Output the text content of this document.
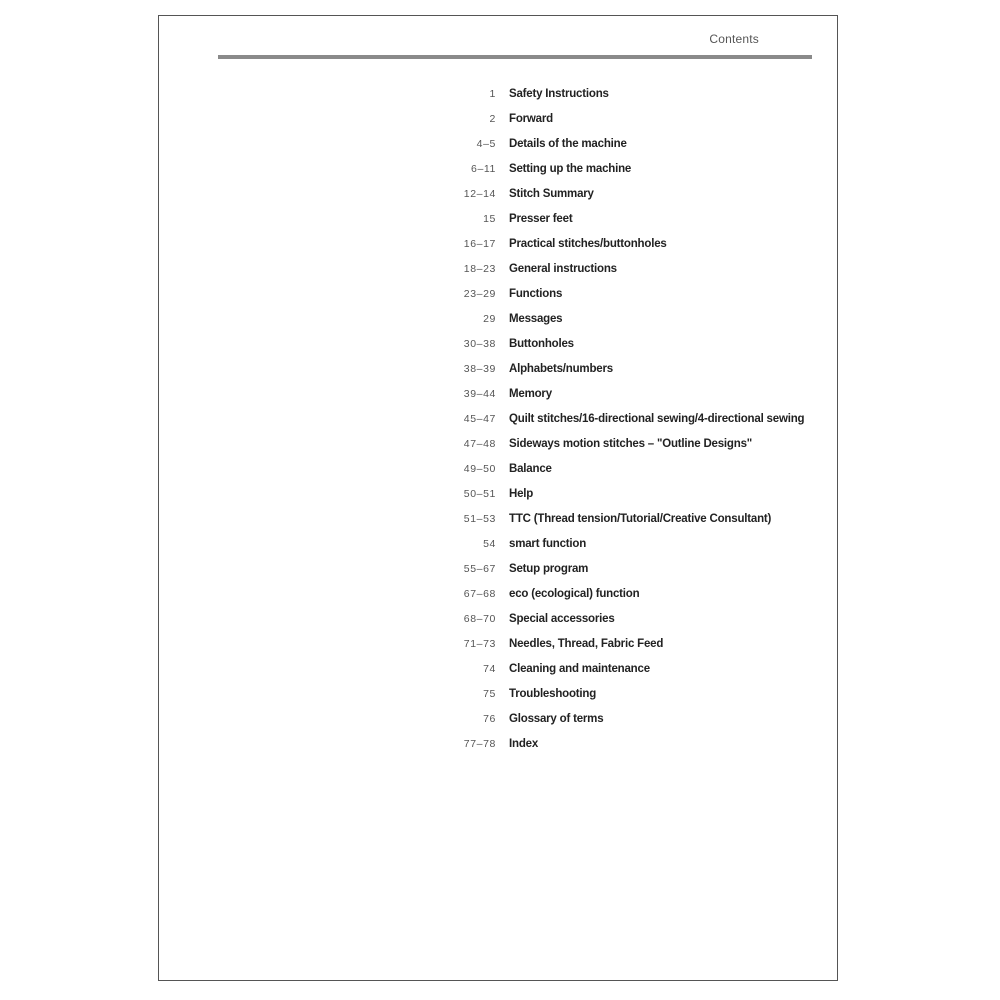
Contents
1	Safety Instructions
2	Forward
4–5	Details of the machine
6–11	Setting up the machine
12–14	Stitch Summary
15	Presser feet
16–17	Practical stitches/buttonholes
18–23	General instructions
23–29	Functions
29	Messages
30–38	Buttonholes
38–39	Alphabets/numbers
39–44	Memory
45–47	Quilt stitches/16-directional sewing/4-directional sewing
47–48	Sideways motion stitches – "Outline Designs"
49–50	Balance
50–51	Help
51–53	TTC (Thread tension/Tutorial/Creative Consultant)
54	smart function
55–67	Setup program
67–68	eco (ecological) function
68–70	Special accessories
71–73	Needles, Thread, Fabric Feed
74	Cleaning and maintenance
75	Troubleshooting
76	Glossary of terms
77–78	Index
